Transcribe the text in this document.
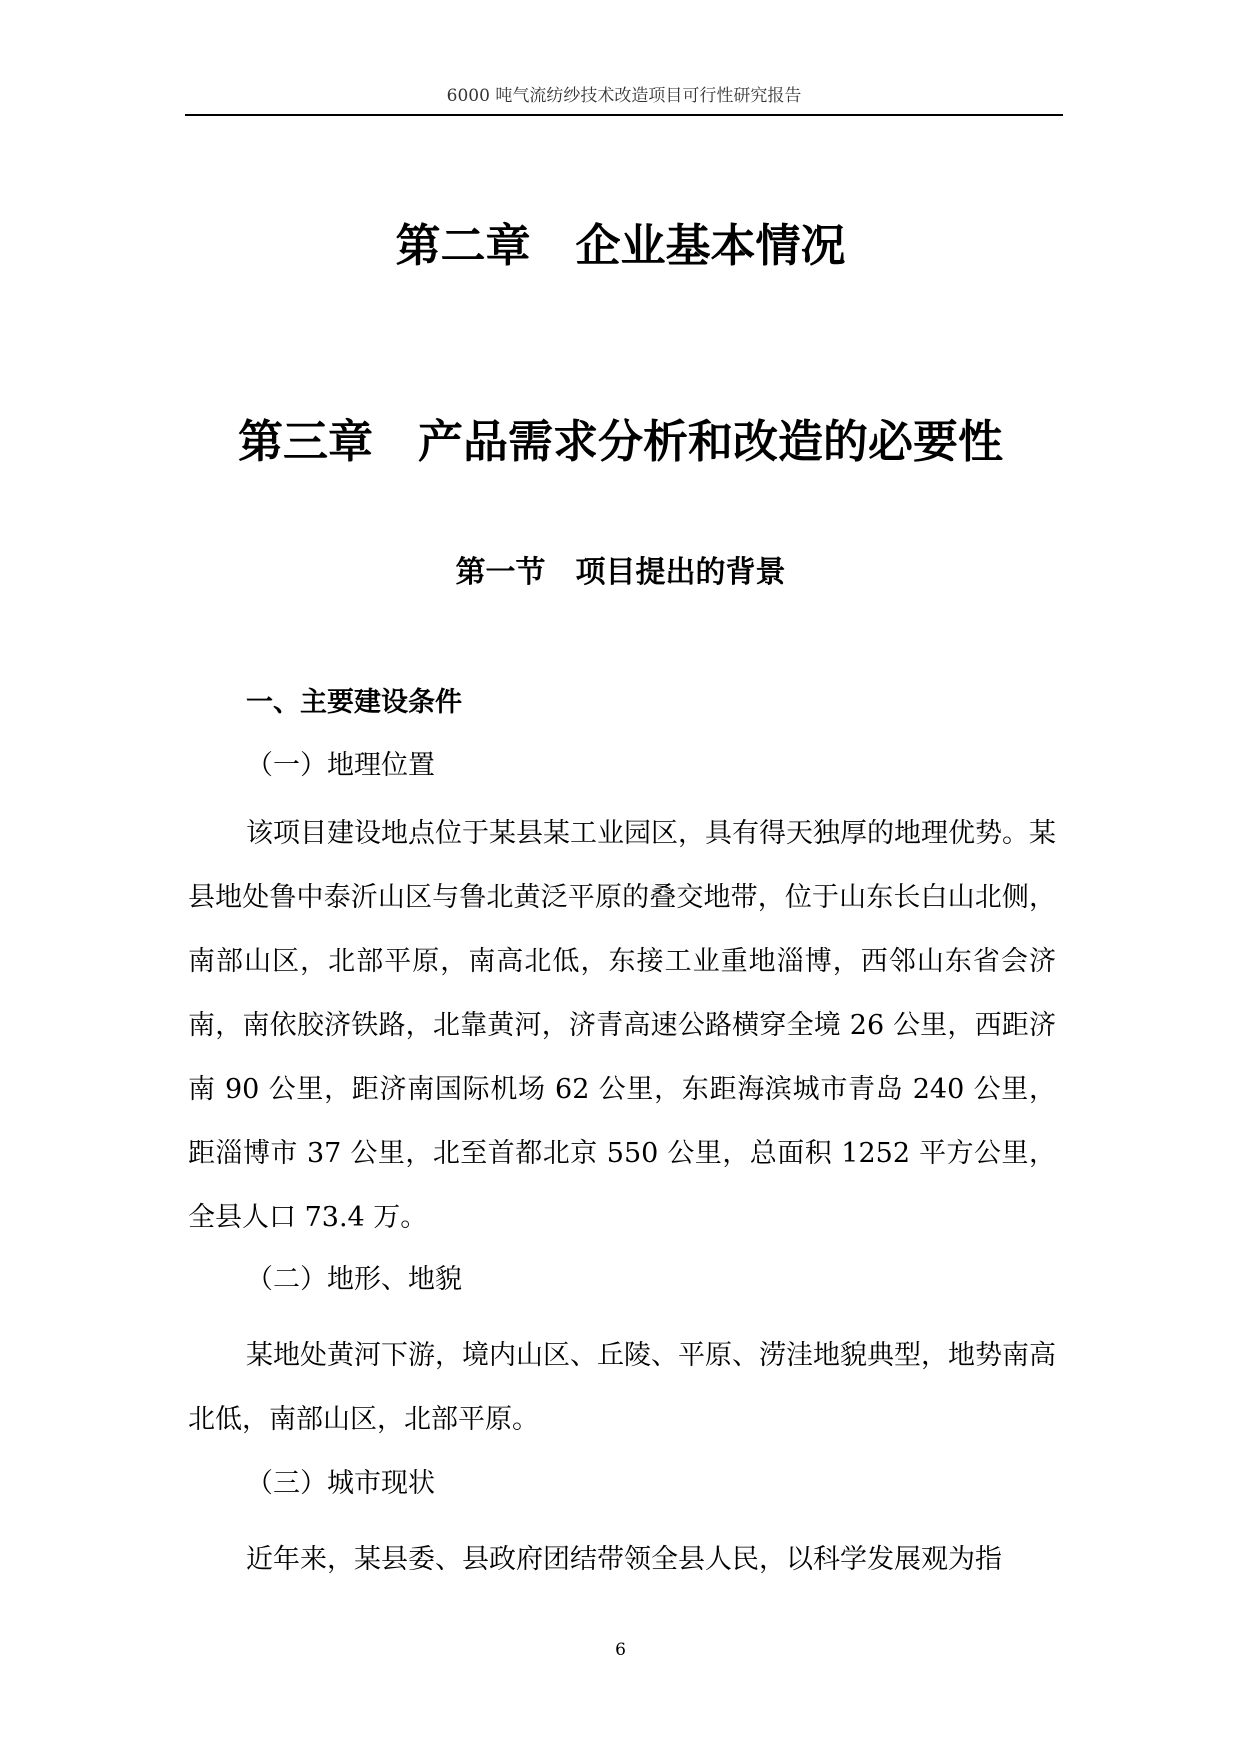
6000 吨气流纺纱技术改造项目可行性研究报告
第二章　企业基本情况
第三章　产品需求分析和改造的必要性
第一节　项目提出的背景
一、主要建设条件
（一）地理位置

该项目建设地点位于某县某工业园区，具有得天独厚的地理优势。某县地处鲁中泰沂山区与鲁北黄泛平原的叠交地带，位于山东长白山北侧，南部山区，北部平原，南高北低，东接工业重地淄博，西邻山东省会济南，南依胶济铁路，北靠黄河，济青高速公路横穿全境 26 公里，西距济南 90 公里，距济南国际机场 62 公里，东距海滨城市青岛 240 公里，距淄博市 37 公里，北至首都北京 550 公里，总面积 1252 平方公里，全县人口 73.4 万。

（二）地形、地貌

某地处黄河下游，境内山区、丘陵、平原、涝洼地貌典型，地势南高北低，南部山区，北部平原。

（三）城市现状

近年来，某县委、县政府团结带领全县人民，以科学发展观为指

6
